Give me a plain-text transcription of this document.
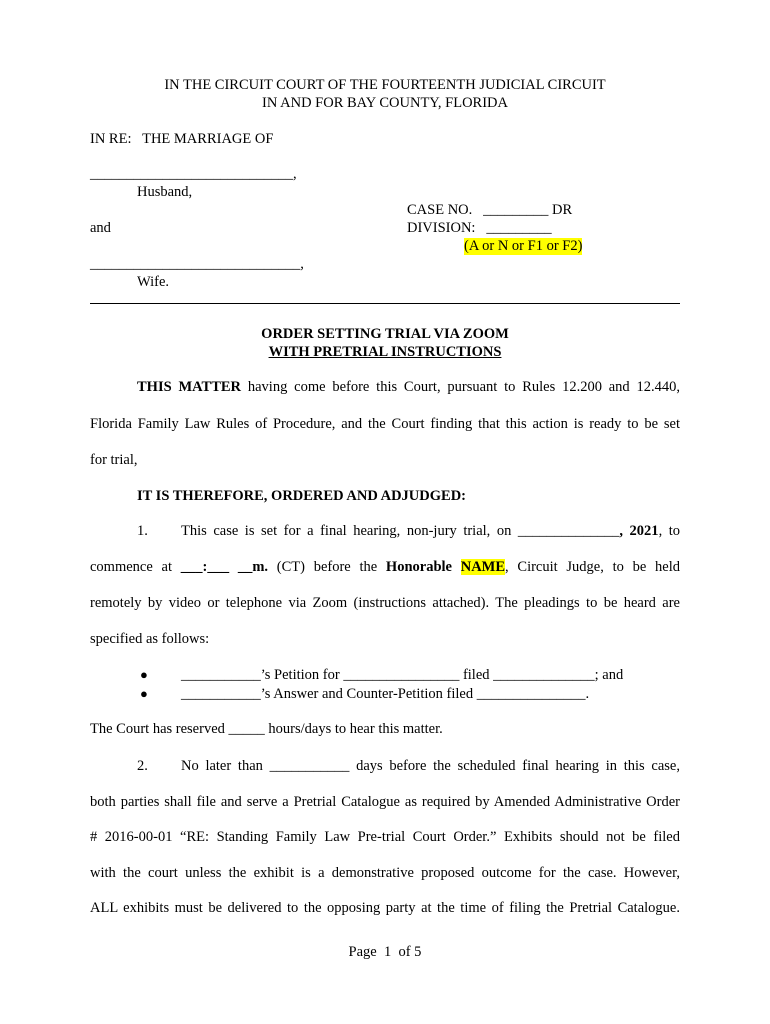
IN THE CIRCUIT COURT OF THE FOURTEENTH JUDICIAL CIRCUIT
IN AND FOR BAY COUNTY, FLORIDA
IN RE:   THE MARRIAGE OF
____________________________,
Husband,
and
CASE NO.   _________ DR
DIVISION:   _________
(A or N or F1 or F2)
_____________________________,
Wife.
ORDER SETTING TRIAL VIA ZOOM
WITH PRETRIAL INSTRUCTIONS
THIS MATTER having come before this Court, pursuant to Rules 12.200 and 12.440,
Florida Family Law Rules of Procedure, and the Court finding that this action is ready to be set
for trial,
IT IS THEREFORE, ORDERED AND ADJUDGED:
1. This case is set for a final hearing, non-jury trial, on ______________, 2021, to
commence at ___:___ __m. (CT) before the Honorable NAME, Circuit Judge, to be held
remotely by video or telephone via Zoom (instructions attached). The pleadings to be heard are
specified as follows:
● ___________’s Petition for ________________ filed ______________; and
● ___________’s Answer and Counter-Petition filed _______________.
The Court has reserved _____ hours/days to hear this matter.
2. No later than ___________ days before the scheduled final hearing in this case,
both parties shall file and serve a Pretrial Catalogue as required by Amended Administrative Order
# 2016-00-01 “RE: Standing Family Law Pre-trial Court Order.” Exhibits should not be filed
with the court unless the exhibit is a demonstrative proposed outcome for the case. However,
ALL exhibits must be delivered to the opposing party at the time of filing the Pretrial Catalogue.
Page  1  of 5
